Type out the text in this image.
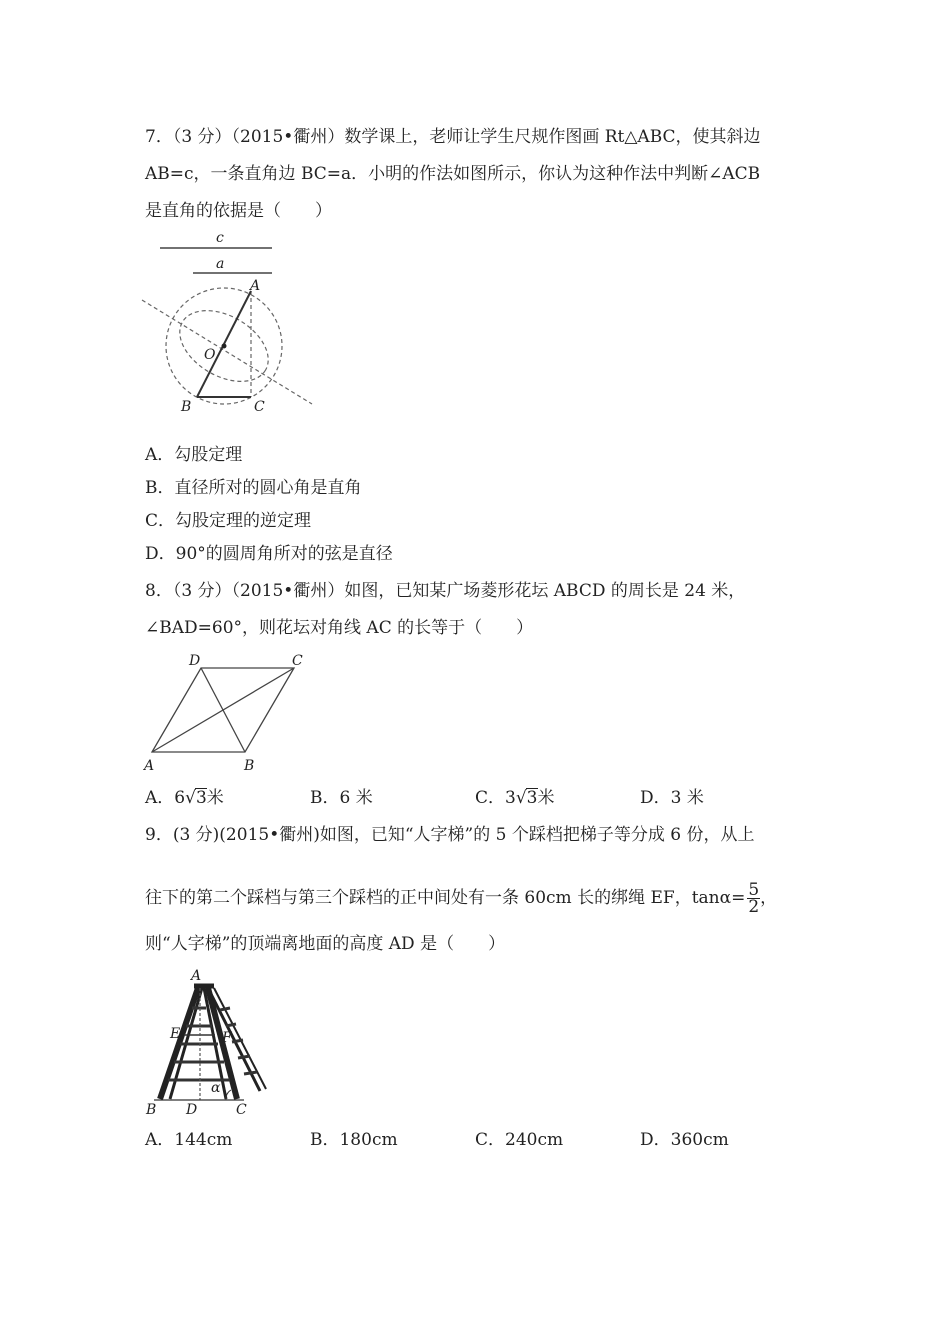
7．（3 分）（2015•衢州）数学课上，老师让学生尺规作图画 Rt△ABC，使其斜边
AB=c，一条直角边 BC=a．小明的作法如图所示，你认为这种作法中判断∠ACB
是直角的依据是（　　）
c
a
A
O
B	C
A．勾股定理
B．直径所对的圆心角是直角
C．勾股定理的逆定理
D．90°的圆周角所对的弦是直径
8．（3 分）（2015•衢州）如图，已知某广场菱形花坛 ABCD 的周长是 24 米，
∠BAD=60°，则花坛对角线 AC 的长等于（　　）
D	C
A	B
A．6√3米	B．6 米	C．3√3米	D．3 米
9．(3 分)(2015•衢州)如图，已知“人字梯”的 5 个踩档把梯子等分成 6 份，从上
往下的第二个踩档与第三个踩档的正中间处有一条 60cm 长的绑绳 EF，$\tan\alpha= \frac{5}{2}$ ，
则“人字梯”的顶端离地面的高度 AD 是（　　）
A
E	F
B D	C
α
A．144cm	B．180cm	C．240cm	D．360cm
